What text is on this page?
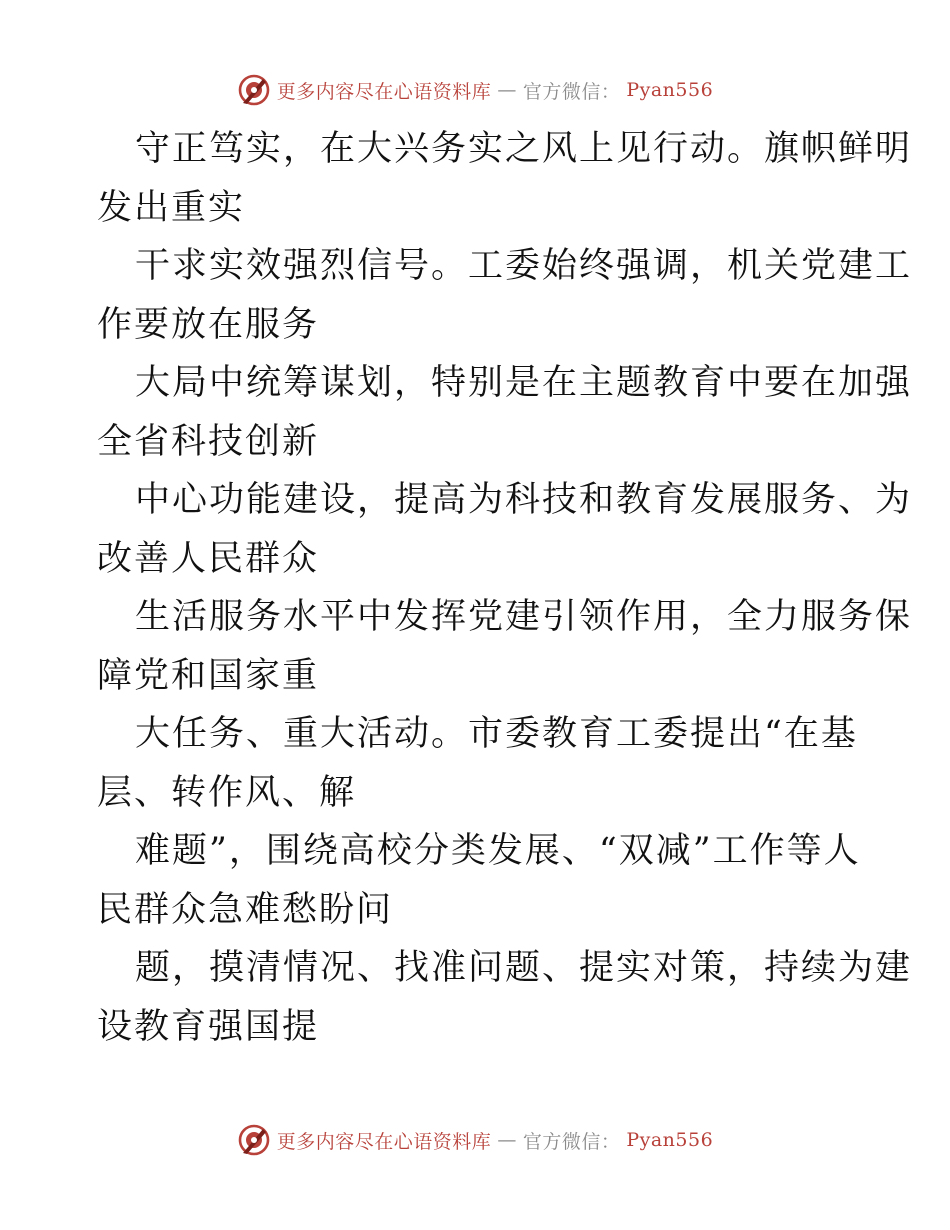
更多内容尽在心语资料库 — 官方微信： Pyan556
守正笃实，在大兴务实之风上见行动。旗帜鲜明
发出重实
干求实效强烈信号。工委始终强调，机关党建工
作要放在服务
大局中统筹谋划，特别是在主题教育中要在加强
全省科技创新
中心功能建设，提高为科技和教育发展服务、为
改善人民群众
生活服务水平中发挥党建引领作用，全力服务保
障党和国家重
大任务、重大活动。市委教育工委提出“在基
层、转作风、解
难题”，围绕高校分类发展、“双减”工作等人
民群众急难愁盼问
题，摸清情况、找准问题、提实对策，持续为建
设教育强国提
更多内容尽在心语资料库 — 官方微信： Pyan556
